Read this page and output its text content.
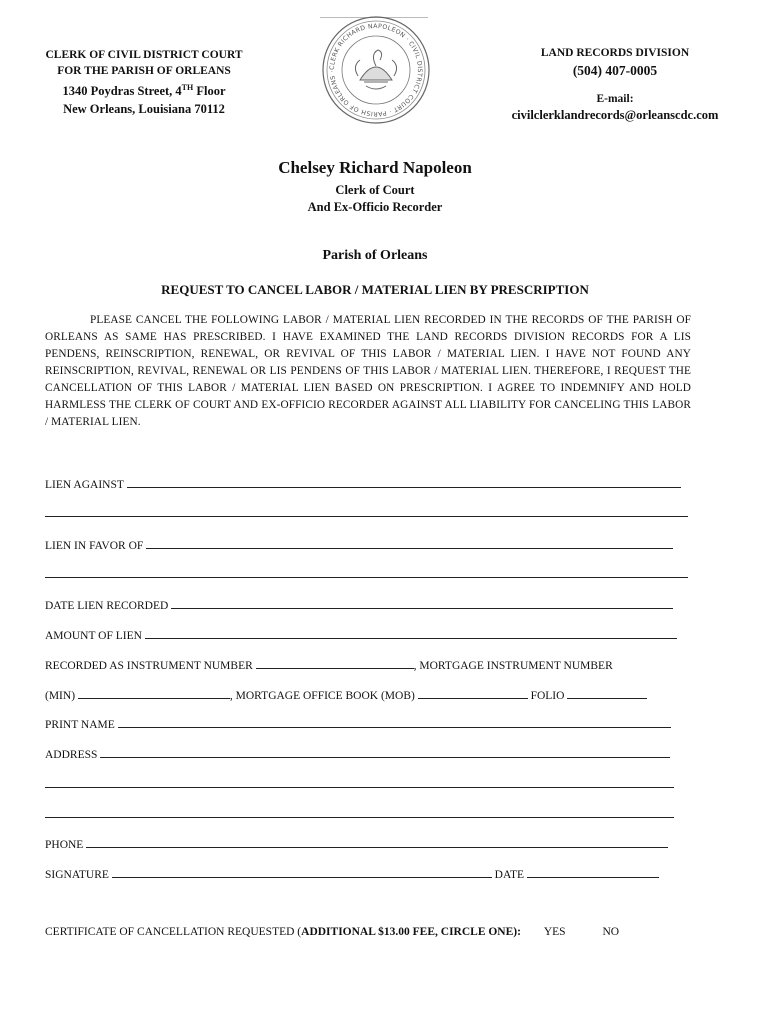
CLERK OF CIVIL DISTRICT COURT
FOR THE PARISH OF ORLEANS
1340 Poydras Street, 4TH Floor
New Orleans, Louisiana 70112
CLERK RICHARD NAPOLEON · CIVIL DISTRICT COURT · PARISH OF ORLEANS ·
LAND RECORDS DIVISION
(504) 407-0005
E-mail:
civilclerklandrecords@orleanscdc.com
Chelsey Richard Napoleon
Clerk of Court
And Ex-Officio Recorder
Parish of Orleans
REQUEST TO CANCEL LABOR / MATERIAL LIEN BY PRESCRIPTION
PLEASE CANCEL THE FOLLOWING LABOR / MATERIAL LIEN RECORDED IN THE RECORDS OF THE PARISH OF ORLEANS AS SAME HAS PRESCRIBED. I HAVE EXAMINED THE LAND RECORDS DIVISION RECORDS FOR A LIS PENDENS, REINSCRIPTION, RENEWAL, OR REVIVAL OF THIS LABOR / MATERIAL LIEN. I HAVE NOT FOUND ANY REINSCRIPTION, REVIVAL, RENEWAL OR LIS PENDENS OF THIS LABOR / MATERIAL LIEN. THEREFORE, I REQUEST THE CANCELLATION OF THIS LABOR / MATERIAL LIEN BASED ON PRESCRIPTION. I AGREE TO INDEMNIFY AND HOLD HARMLESS THE CLERK OF COURT AND EX-OFFICIO RECORDER AGAINST ALL LIABILITY FOR CANCELING THIS LABOR / MATERIAL LIEN.
LIEN AGAINST
LIEN IN FAVOR OF
DATE LIEN RECORDED
AMOUNT OF LIEN
RECORDED AS INSTRUMENT NUMBER	, MORTGAGE INSTRUMENT NUMBER
(MIN)	, MORTGAGE OFFICE BOOK (MOB)	FOLIO
PRINT NAME
ADDRESS
PHONE
SIGNATURE	DATE
CERTIFICATE OF CANCELLATION REQUESTED (ADDITIONAL $13.00 FEE, CIRCLE ONE): YES	NO
